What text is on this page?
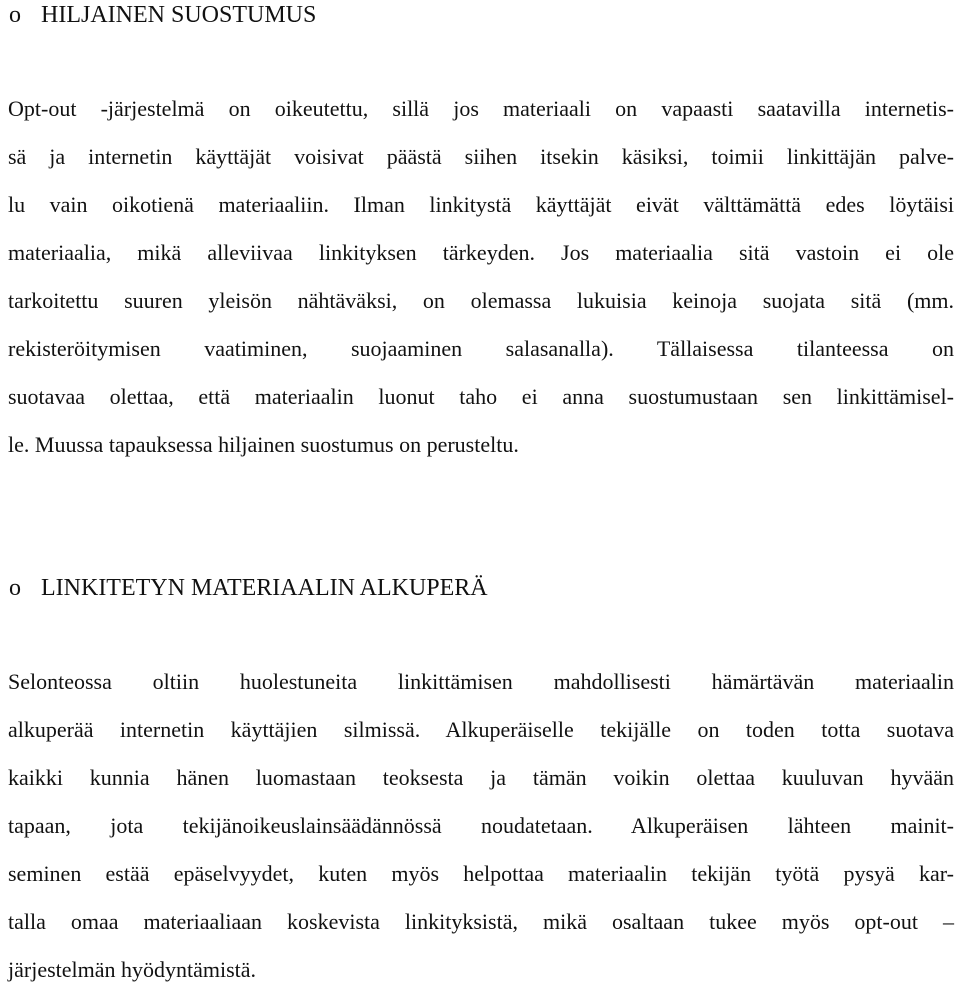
o HILJAINEN SUOSTUMUS
Opt-out -järjestelmä on oikeutettu, sillä jos materiaali on vapaasti saatavilla internetis-
sä ja internetin käyttäjät voisivat päästä siihen itsekin käsiksi, toimii linkittäjän palve-
lu vain oikotienä materiaaliin. Ilman linkitystä käyttäjät eivät välttämättä edes löytäisi
materiaalia, mikä alleviivaa linkityksen tärkeyden. Jos materiaalia sitä vastoin ei ole
tarkoitettu suuren yleisön nähtäväksi, on olemassa lukuisia keinoja suojata sitä (mm.
rekisteröitymisen vaatiminen, suojaaminen salasanalla). Tällaisessa tilanteessa on
suotavaa olettaa, että materiaalin luonut taho ei anna suostumustaan sen linkittämisel-
le. Muussa tapauksessa hiljainen suostumus on perusteltu.
o LINKITETYN MATERIAALIN ALKUPERÄ
Selonteossa oltiin huolestuneita linkittämisen mahdollisesti hämärtävän materiaalin
alkuperää internetin käyttäjien silmissä. Alkuperäiselle tekijälle on toden totta suotava
kaikki kunnia hänen luomastaan teoksesta ja tämän voikin olettaa kuuluvan hyvään
tapaan, jota tekijänoikeuslainsäädännössä noudatetaan. Alkuperäisen lähteen mainit-
seminen estää epäselvyydet, kuten myös helpottaa materiaalin tekijän työtä pysyä kar-
talla omaa materiaaliaan koskevista linkityksistä, mikä osaltaan tukee myös opt-out –
järjestelmän hyödyntämistä.
